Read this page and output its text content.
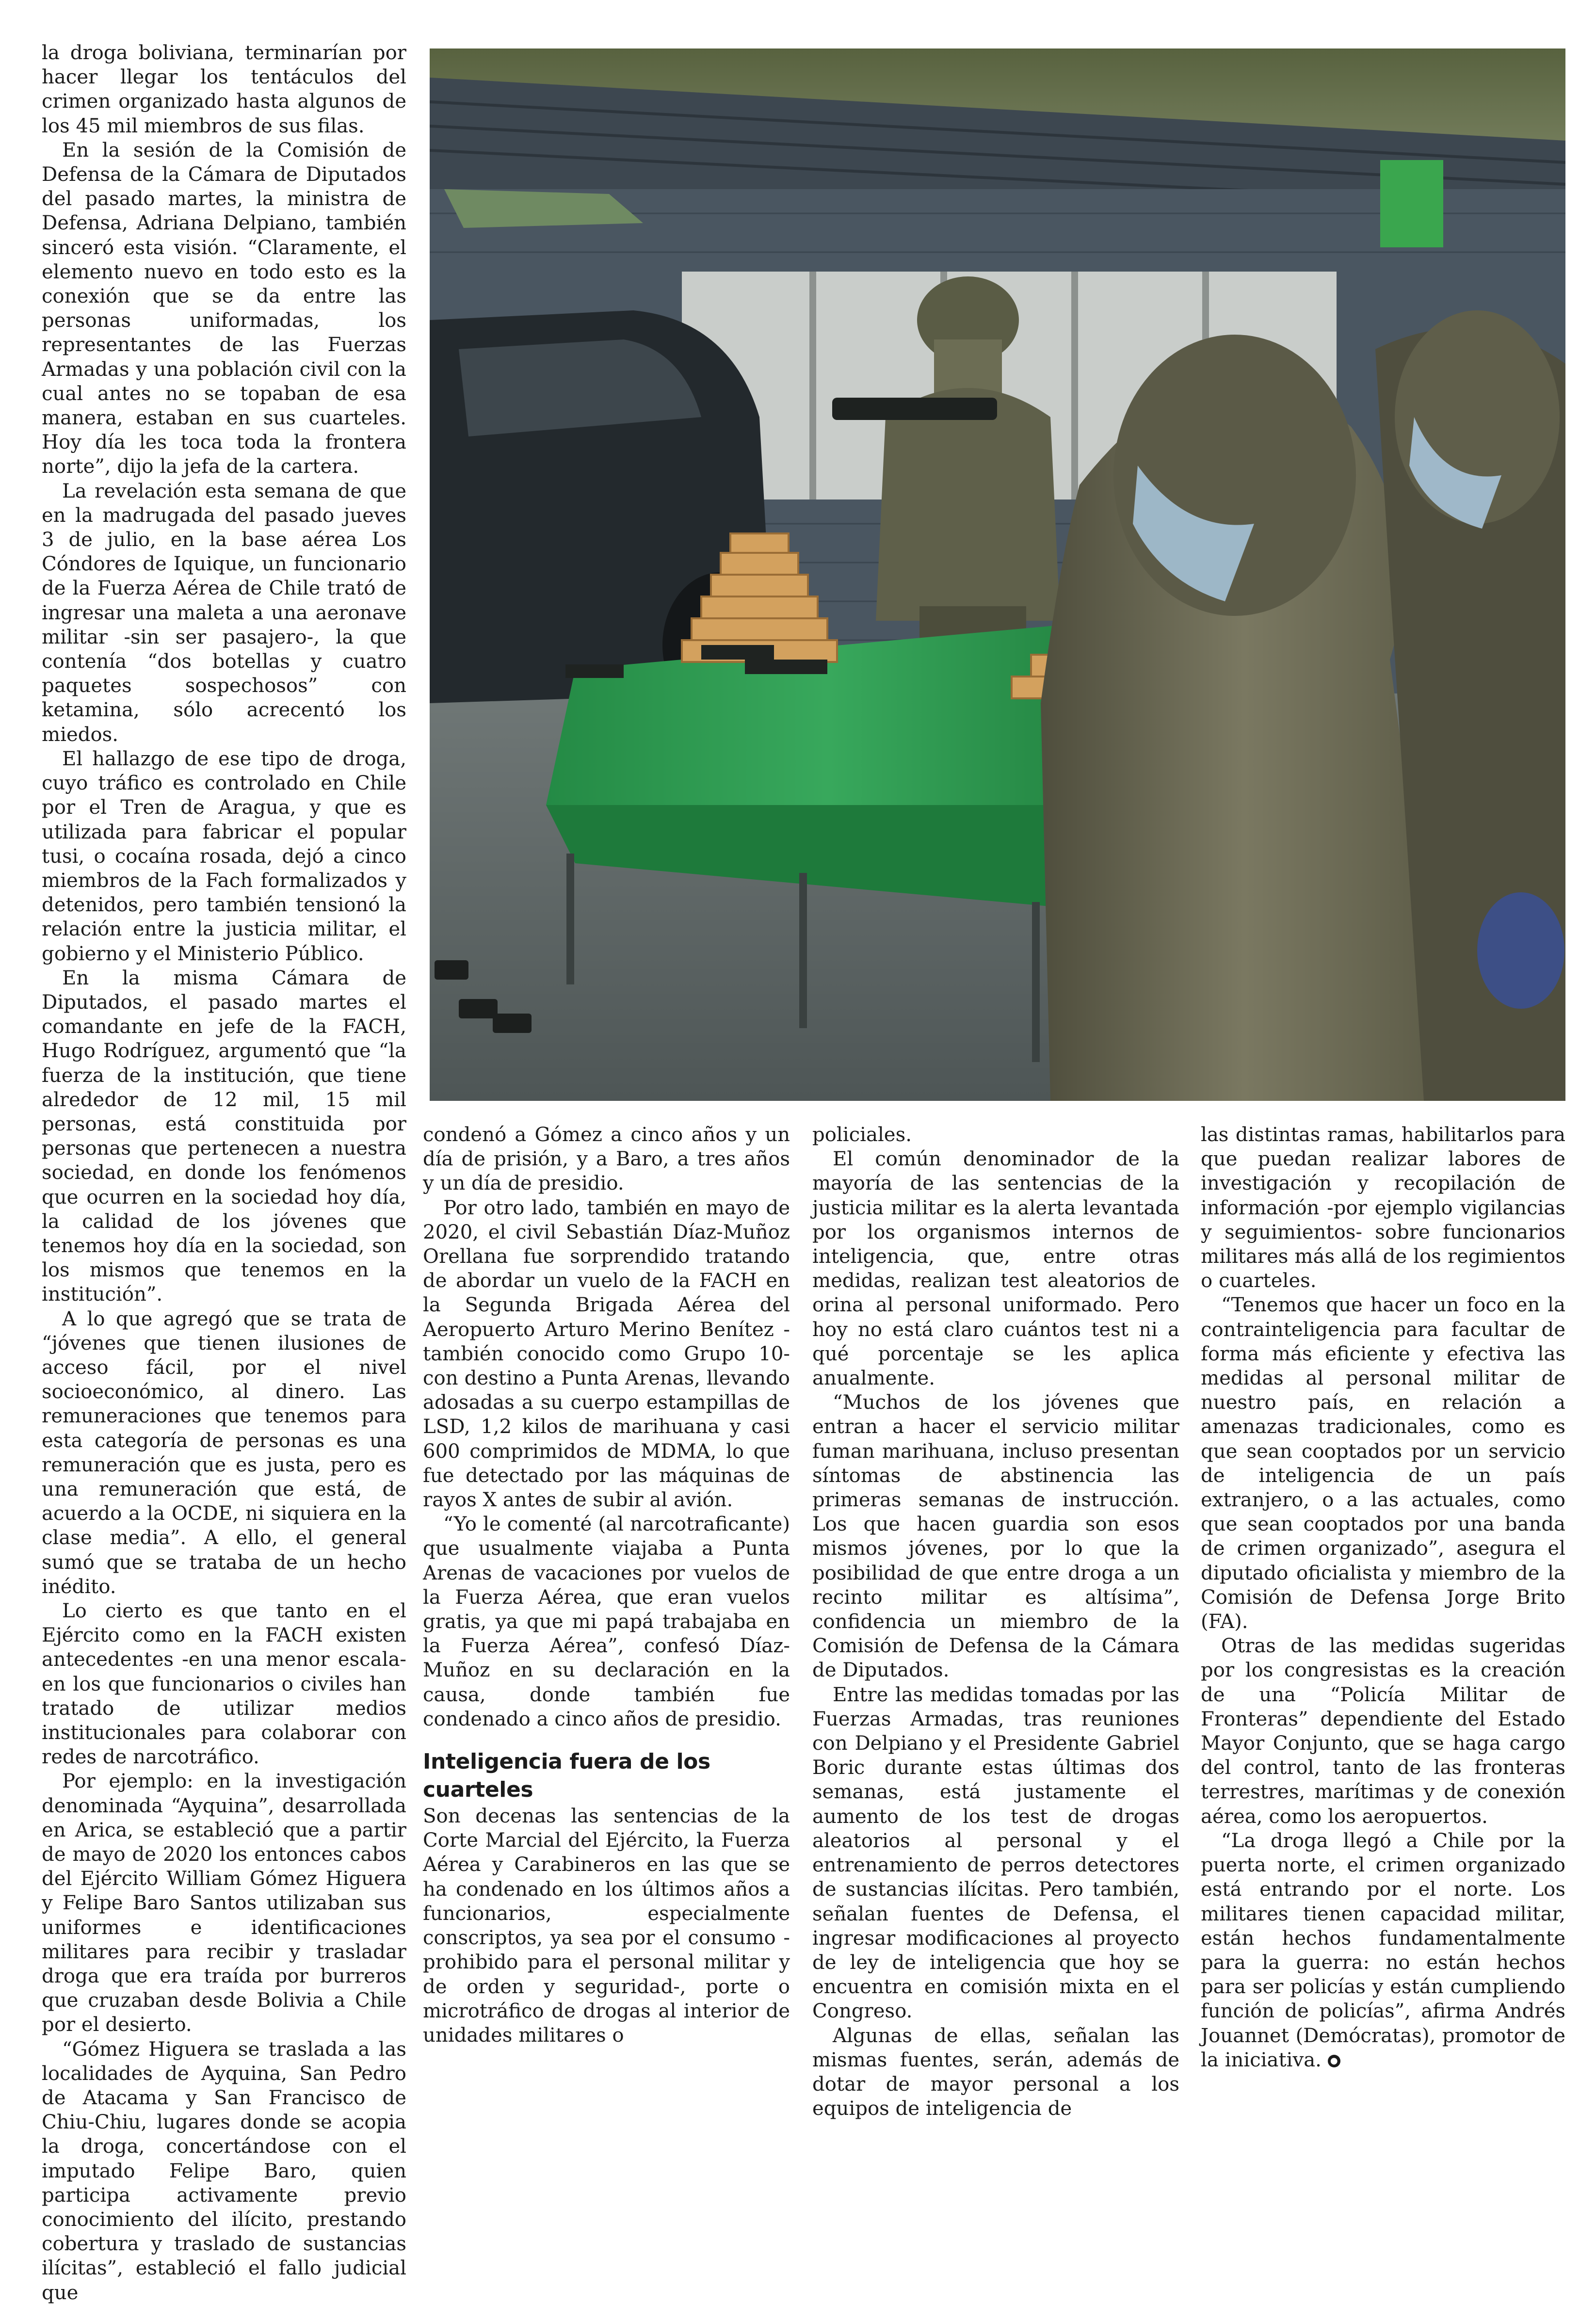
la droga boliviana, terminarían por hacer llegar los tentáculos del crimen organizado hasta algunos de los 45 mil miembros de sus filas.

En la sesión de la Comisión de Defensa de la Cámara de Diputados del pasado martes, la ministra de Defensa, Adriana Delpiano, también sinceró esta visión. “Claramente, el elemento nuevo en todo esto es la conexión que se da entre las personas uniformadas, los representantes de las Fuerzas Armadas y una población civil con la cual antes no se topaban de esa manera, estaban en sus cuarteles. Hoy día les toca toda la frontera norte”, dijo la jefa de la cartera.

La revelación esta semana de que en la madrugada del pasado jueves 3 de julio, en la base aérea Los Cóndores de Iquique, un funcionario de la Fuerza Aérea de Chile trató de ingresar una maleta a una aeronave militar -sin ser pasajero-, la que contenía “dos botellas y cuatro paquetes sospechosos” con ketamina, sólo acrecentó los miedos.

El hallazgo de ese tipo de droga, cuyo tráfico es controlado en Chile por el Tren de Aragua, y que es utilizada para fabricar el popular tusi, o cocaína rosada, dejó a cinco miembros de la Fach formalizados y detenidos, pero también tensionó la relación entre la justicia militar, el gobierno y el Ministerio Público.

En la misma Cámara de Diputados, el pasado martes el comandante en jefe de la FACH, Hugo Rodríguez, argumentó que “la fuerza de la institución, que tiene alrededor de 12 mil, 15 mil personas, está constituida por personas que pertenecen a nuestra sociedad, en donde los fenómenos que ocurren en la sociedad hoy día, la calidad de los jóvenes que tenemos hoy día en la sociedad, son los mismos que tenemos en la institución”.

A lo que agregó que se trata de “jóvenes que tienen ilusiones de acceso fácil, por el nivel socioeconómico, al dinero. Las remuneraciones que tenemos para esta categoría de personas es una remuneración que es justa, pero es una remuneración que está, de acuerdo a la OCDE, ni siquiera en la clase media”. A ello, el general sumó que se trataba de un hecho inédito.

Lo cierto es que tanto en el Ejército como en la FACH existen antecedentes -en una menor escala- en los que funcionarios o civiles han tratado de utilizar medios institucionales para colaborar con redes de narcotráfico.

Por ejemplo: en la investigación denominada “Ayquina”, desarrollada en Arica, se estableció que a partir de mayo de 2020 los entonces cabos del Ejército William Gómez Higuera y Felipe Baro Santos utilizaban sus uniformes e identificaciones militares para recibir y trasladar droga que era traída por burreros que cruzaban desde Bolivia a Chile por el desierto.

“Gómez Higuera se traslada a las localidades de Ayquina, San Pedro de Atacama y San Francisco de Chiu-Chiu, lugares donde se acopia la droga, concertándose con el imputado Felipe Baro, quien participa activamente previo conocimiento del ilícito, prestando cobertura y traslado de sustancias ilícitas”, estableció el fallo judicial que

condenó a Gómez a cinco años y un día de prisión, y a Baro, a tres años y un día de presidio.

Por otro lado, también en mayo de 2020, el civil Sebastián Díaz-Muñoz Orellana fue sorprendido tratando de abordar un vuelo de la FACH en la Segunda Brigada Aérea del Aeropuerto Arturo Merino Benítez -también conocido como Grupo 10- con destino a Punta Arenas, llevando adosadas a su cuerpo estampillas de LSD, 1,2 kilos de marihuana y casi 600 comprimidos de MDMA, lo que fue detectado por las máquinas de rayos X antes de subir al avión.

“Yo le comenté (al narcotraficante) que usualmente viajaba a Punta Arenas de vacaciones por vuelos de la Fuerza Aérea, que eran vuelos gratis, ya que mi papá trabajaba en la Fuerza Aérea”, confesó Díaz-Muñoz en su declaración en la causa, donde también fue condenado a cinco años de presidio.

Inteligencia fuera de los cuarteles

Son decenas las sentencias de la Corte Marcial del Ejército, la Fuerza Aérea y Carabineros en las que se ha condenado en los últimos años a funcionarios, especialmente conscriptos, ya sea por el consumo -prohibido para el personal militar y de orden y seguridad-, porte o microtráfico de drogas al interior de unidades militares o

policiales.

El común denominador de la mayoría de las sentencias de la justicia militar es la alerta levantada por los organismos internos de inteligencia, que, entre otras medidas, realizan test aleatorios de orina al personal uniformado. Pero hoy no está claro cuántos test ni a qué porcentaje se les aplica anualmente.

“Muchos de los jóvenes que entran a hacer el servicio militar fuman marihuana, incluso presentan síntomas de abstinencia las primeras semanas de instrucción. Los que hacen guardia son esos mismos jóvenes, por lo que la posibilidad de que entre droga a un recinto militar es altísima”, confidencia un miembro de la Comisión de Defensa de la Cámara de Diputados.

Entre las medidas tomadas por las Fuerzas Armadas, tras reuniones con Delpiano y el Presidente Gabriel Boric durante estas últimas dos semanas, está justamente el aumento de los test de drogas aleatorios al personal y el entrenamiento de perros detectores de sustancias ilícitas. Pero también, señalan fuentes de Defensa, el ingresar modificaciones al proyecto de ley de inteligencia que hoy se encuentra en comisión mixta en el Congreso.

Algunas de ellas, señalan las mismas fuentes, serán, además de dotar de mayor personal a los equipos de inteligencia de

las distintas ramas, habilitarlos para que puedan realizar labores de investigación y recopilación de información -por ejemplo vigilancias y seguimientos- sobre funcionarios militares más allá de los regimientos o cuarteles.

“Tenemos que hacer un foco en la contrainteligencia para facultar de forma más eficiente y efectiva las medidas al personal militar de nuestro país, en relación a amenazas tradicionales, como es que sean cooptados por un servicio de inteligencia de un país extranjero, o a las actuales, como que sean cooptados por una banda de crimen organizado”, asegura el diputado oficialista y miembro de la Comisión de Defensa Jorge Brito (FA).

Otras de las medidas sugeridas por los congresistas es la creación de una “Policía Militar de Fronteras” dependiente del Estado Mayor Conjunto, que se haga cargo del control, tanto de las fronteras terrestres, marítimas y de conexión aérea, como los aeropuertos.

“La droga llegó a Chile por la puerta norte, el crimen organizado está entrando por el norte. Los militares tienen capacidad militar, están hechos fundamentalmente para la guerra: no están hechos para ser policías y están cumpliendo función de policías”, afirma Andrés Jouannet (Demócratas), promotor de la iniciativa. ●
